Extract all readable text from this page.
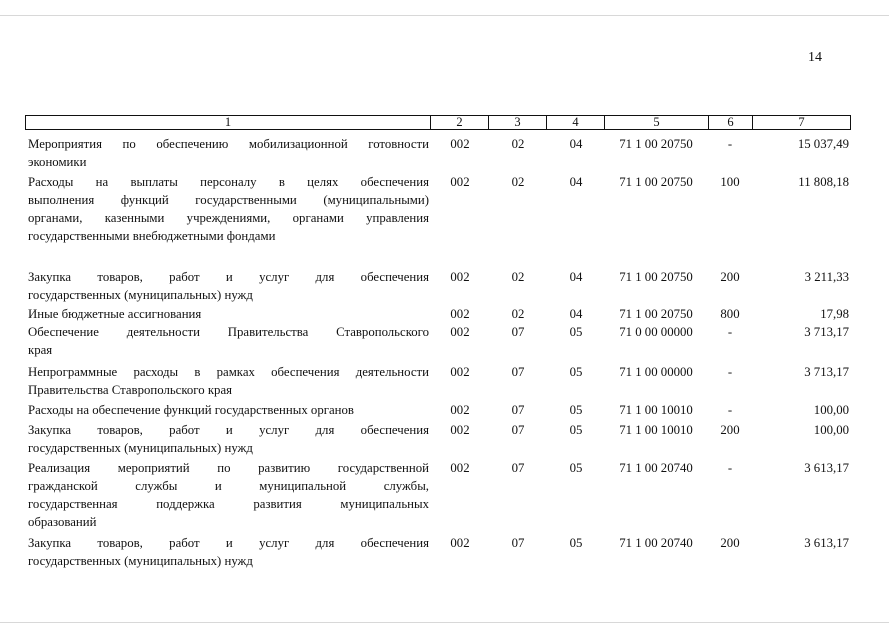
14
1	2	3	4	5	6	7
Мероприятия по обеспечению мобилизационной готовности
экономики
002	02	04	71 1 00 20750	-	15 037,49
Расходы на выплаты персоналу в целях обеспечения
выполнения функций государственными (муниципальными)
органами, казенными учреждениями, органами управления
государственными внебюджетными фондами
002	02	04	71 1 00 20750	100	11 808,18
Закупка товаров, работ и услуг для обеспечения
государственных (муниципальных) нужд
002	02	04	71 1 00 20750	200	3 211,33
Иные бюджетные ассигнования	002	02	04	71 1 00 20750	800	17,98
Обеспечение деятельности Правительства Ставропольского
края
002	07	05	71 0 00 00000	-	3 713,17
Непрограммные расходы в рамках обеспечения деятельности
Правительства Ставропольского края
002	07	05	71 1 00 00000	-	3 713,17
Расходы на обеспечение функций государственных органов	002	07	05	71 1 00 10010	-	100,00
Закупка товаров, работ и услуг для обеспечения
государственных (муниципальных) нужд
002	07	05	71 1 00 10010	200	100,00
Реализация мероприятий по развитию государственной
гражданской службы и муниципальной службы,
государственная поддержка развития муниципальных
образований
002	07	05	71 1 00 20740	-	3 613,17
Закупка товаров, работ и услуг для обеспечения
государственных (муниципальных) нужд
002	07	05	71 1 00 20740	200	3 613,17
